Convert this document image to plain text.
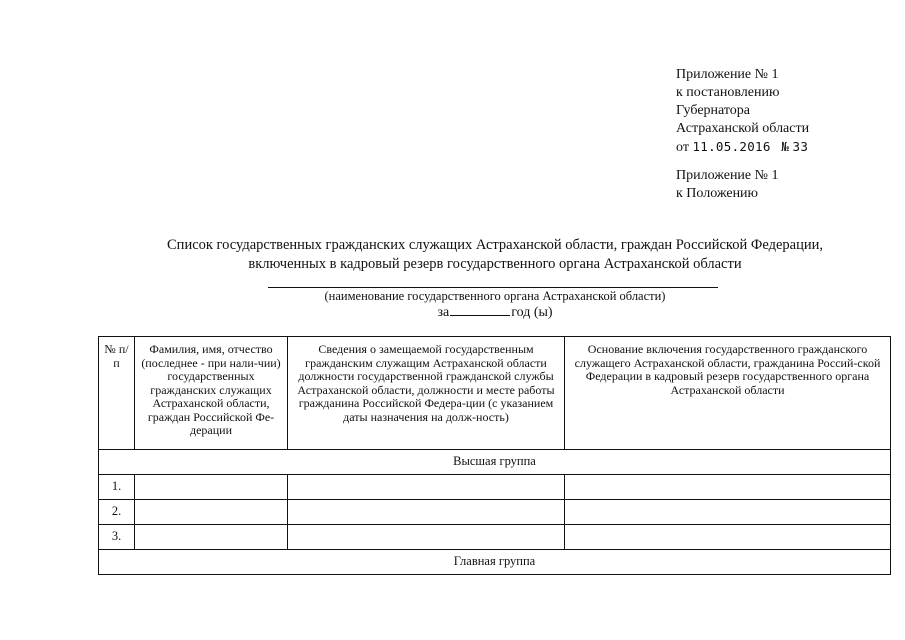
Приложение № 1
к постановлению
Губернатора
Астраханской области
от 11.05.2016 № 33
Приложение № 1
к Положению
Список государственных гражданских служащих Астраханской области, граждан Российской Федерации,
включенных в кадровый резерв государственного органа Астраханской области
(наименование государственного органа Астраханской области)
за	год (ы)
№ п/п	Фамилия, имя, отчество (последнее - при нали-чии) государственных гражданских служащих Астраханской области, граждан Российской Фе-дерации	Сведения о замещаемой государственным гражданским служащим Астраханской области должности государственной гражданской службы Астраханской области, должности и месте работы гражданина Российской Федера-ции (с указанием даты назначения на долж-ность)	Основание включения государственного гражданского служащего Астраханской области, гражданина Россий-ской Федерации в кадровый резерв государственного органа Астраханской области
Высшая группа			
1.			
2.			
3.			
Главная группа			
